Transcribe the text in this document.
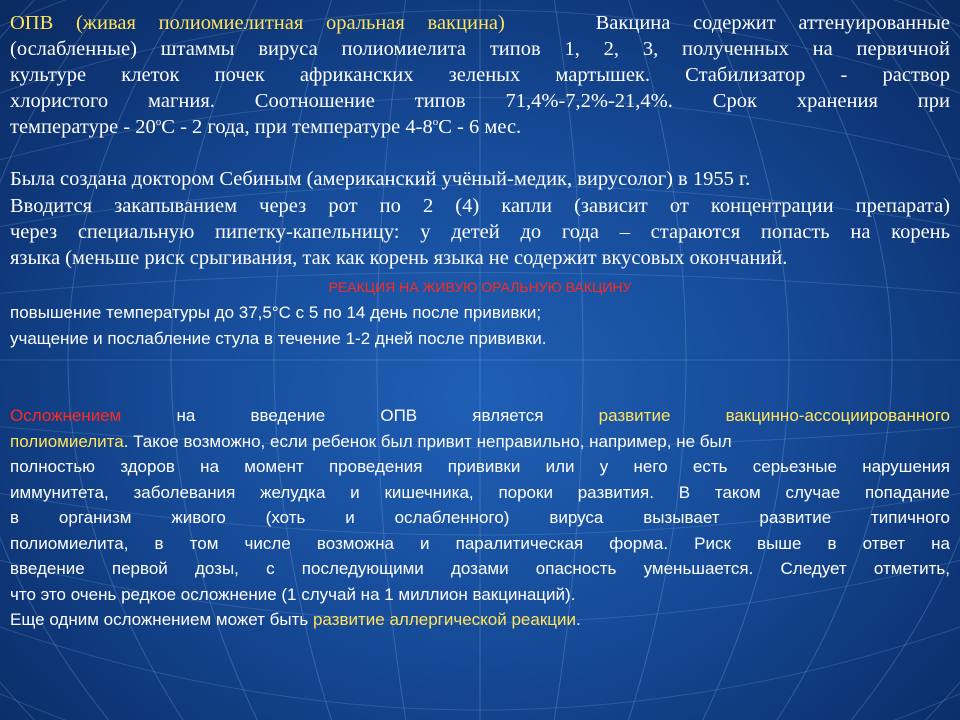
ОПВ (живая полиомиелитная оральная вакцина)	Вакцина содержит аттенуированные
(ослабленные) штаммы вируса полиомиелита типов 1, 2, 3, полученных на первичной
культуре клеток почек африканских зеленых мартышек. Стабилизатор - раствор
хлористого магния. Соотношение типов 71,4%-7,2%-21,4%. Срок хранения при
температуре - $20^оС - 2$ года, при температуре $4-8^оС - 6$ мес.
Была создана доктором Себиным (американский учёный-медик, вирусолог) в 1955 г.
Вводится закапыванием через рот по 2 (4) капли (зависит от концентрации препарата)
через специальную пипетку-капельницу: у детей до года – стараются попасть на корень
языка (меньше риск срыгивания, так как корень языка не содержит вкусовых окончаний.
РЕАКЦИЯ НА ЖИВУЮ ОРАЛЬНУЮ ВАКЦИНУ
повышение температуры до 37,5°С с 5 по 14 день после прививки;
учащение и послабление стула в течение 1-2 дней после прививки.
Осложнением	на введение ОПВ является	развитие вакцинно-ассоциированного
полиомиелита. Такое возможно, если ребенок был привит неправильно, например, не был
полностью здоров на момент проведения прививки или у него есть серьезные нарушения
иммунитета, заболевания желудка и кишечника, пороки развития. В таком случае попадание
в организм живого (хоть и ослабленного) вируса вызывает развитие типичного
полиомиелита, в том числе возможна и паралитическая форма. Риск выше в ответ на
введение первой дозы, с последующими дозами опасность уменьшается. Следует отметить,
что это очень редкое осложнение (1 случай на 1 миллион вакцинаций).
Еще одним осложнением может быть развитие аллергической реакции.
